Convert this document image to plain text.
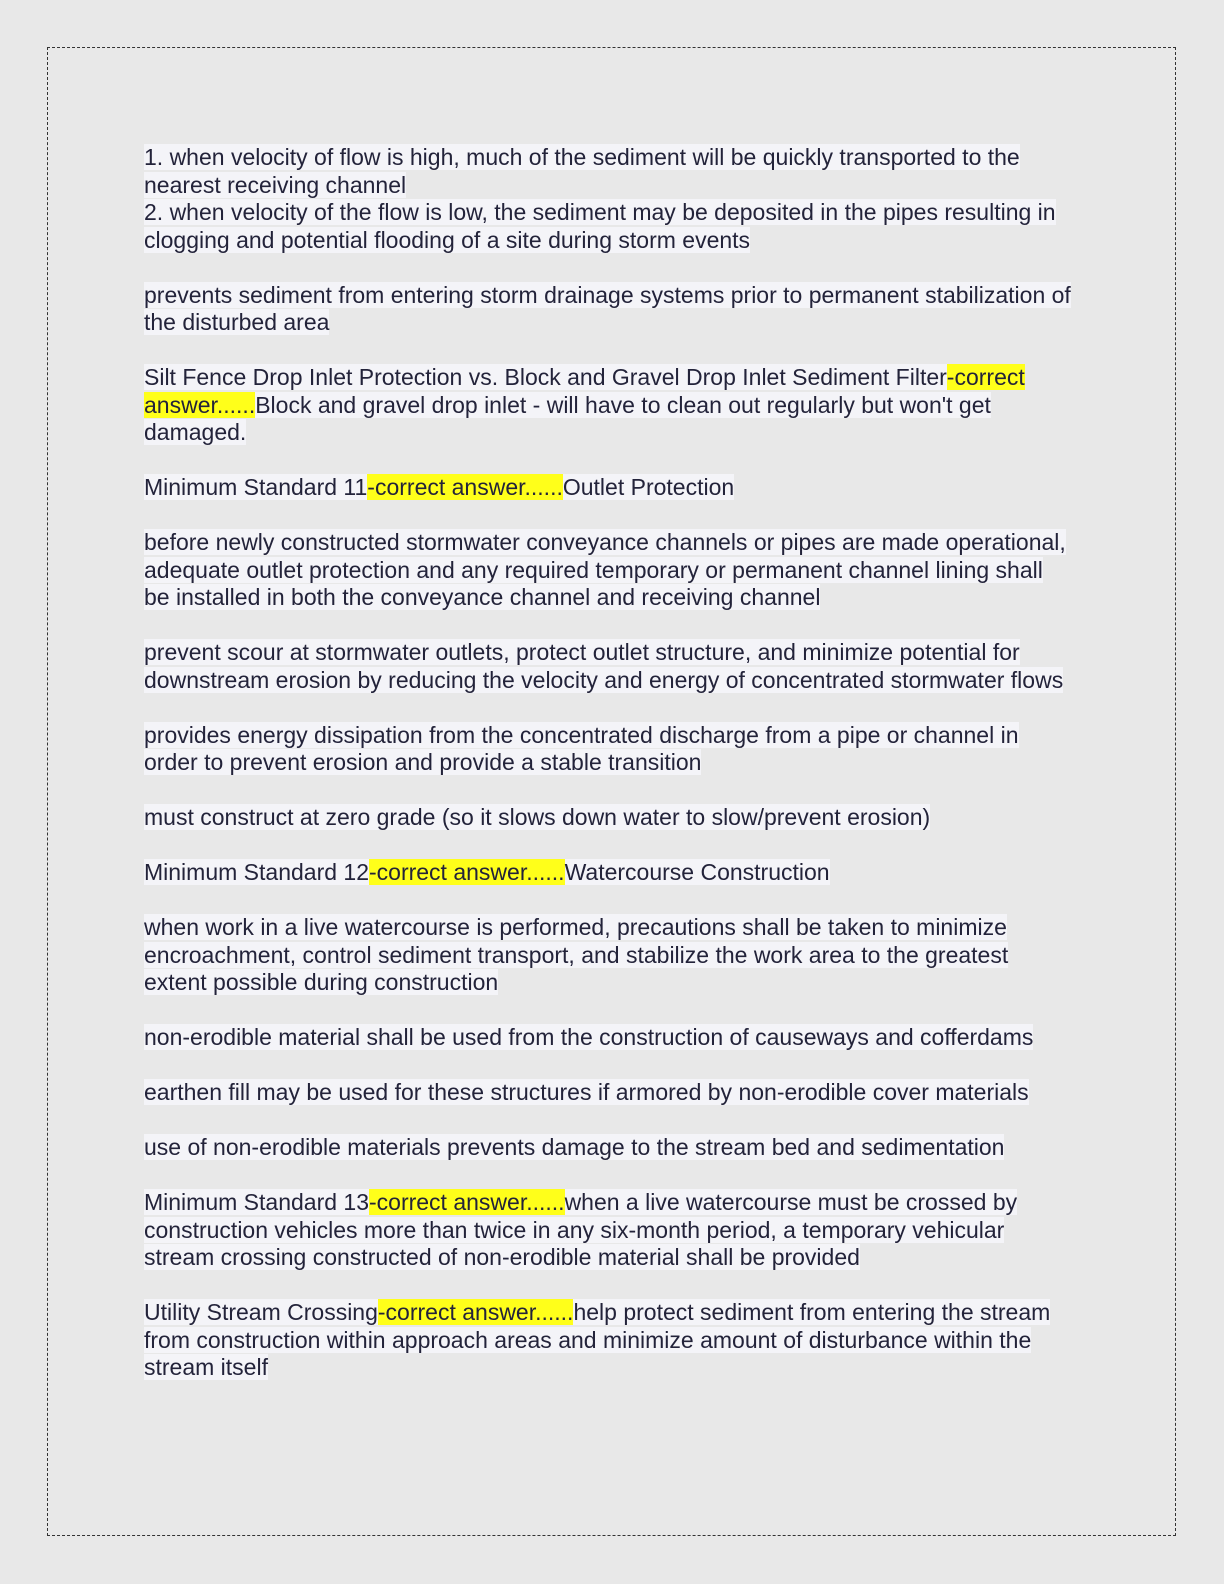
1. when velocity of flow is high, much of the sediment will be quickly transported to the nearest receiving channel

2. when velocity of the flow is low, the sediment may be deposited in the pipes resulting in clogging and potential flooding of a site during storm events

prevents sediment from entering storm drainage systems prior to permanent stabilization of the disturbed area

Silt Fence Drop Inlet Protection vs. Block and Gravel Drop Inlet Sediment Filter-correct answer......Block and gravel drop inlet - will have to clean out regularly but won't get damaged.

Minimum Standard 11-correct answer......Outlet Protection

before newly constructed stormwater conveyance channels or pipes are made operational, adequate outlet protection and any required temporary or permanent channel lining shall be installed in both the conveyance channel and receiving channel

prevent scour at stormwater outlets, protect outlet structure, and minimize potential for downstream erosion by reducing the velocity and energy of concentrated stormwater flows

provides energy dissipation from the concentrated discharge from a pipe or channel in order to prevent erosion and provide a stable transition

must construct at zero grade (so it slows down water to slow/prevent erosion)

Minimum Standard 12-correct answer......Watercourse Construction

when work in a live watercourse is performed, precautions shall be taken to minimize encroachment, control sediment transport, and stabilize the work area to the greatest extent possible during construction

non-erodible material shall be used from the construction of causeways and cofferdams

earthen fill may be used for these structures if armored by non-erodible cover materials

use of non-erodible materials prevents damage to the stream bed and sedimentation

Minimum Standard 13-correct answer......when a live watercourse must be crossed by construction vehicles more than twice in any six-month period, a temporary vehicular stream crossing constructed of non-erodible material shall be provided

Utility Stream Crossing-correct answer......help protect sediment from entering the stream from construction within approach areas and minimize amount of disturbance within the stream itself
